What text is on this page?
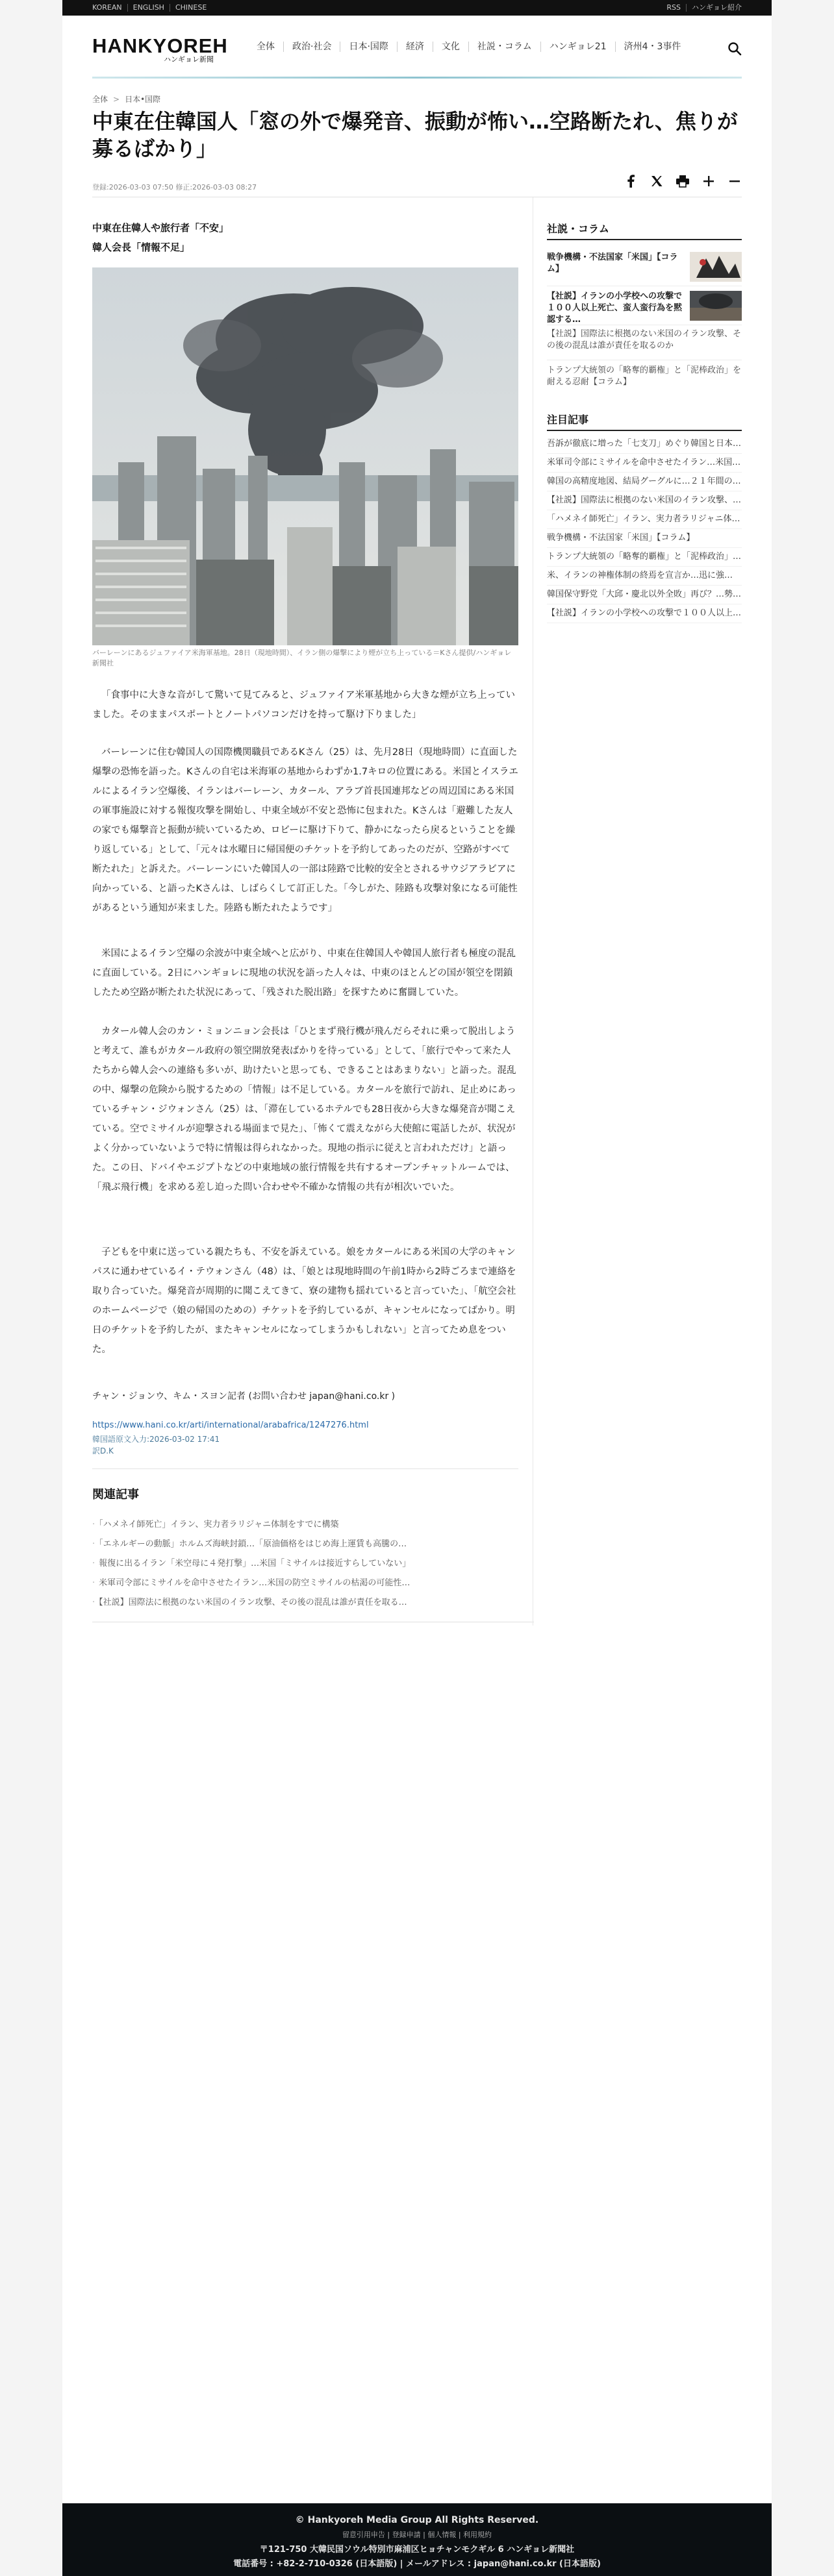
KOREAN	ENGLISH	CHINESE	RSS	ハンギョレ紹介
HANKYOREH
ハンギョレ新聞
全体	政治·社会	日本·国際	経済	文化	社説・コラム	ハンギョレ21	済州4・3事件
全体 > 日本•国際
中東在住韓国人「窓の外で爆発音、振動が怖い…空路断たれ、焦りが募るばかり」
登録:2026-03-03 07:50 修正:2026-03-03 08:27
中東在住韓人や旅行者「不安」
韓人会長「情報不足」
バーレーンにあるジュファイア米海軍基地。28日（現地時間）、イラン側の爆撃により煙が立ち上っている＝Kさん提供/ハンギョレ新聞社

「食事中に大きな音がして驚いて見てみると、ジュファイア米軍基地から大きな煙が立ち上っていました。そのままパスポートとノートパソコンだけを持って駆け下りました」

バーレーンに住む韓国人の国際機関職員であるKさん（25）は、先月28日（現地時間）に直面した爆撃の恐怖を語った。Kさんの自宅は米海軍の基地からわずか1.7キロの位置にある。米国とイスラエルによるイラン空爆後、イランはバーレーン、カタール、アラブ首長国連邦などの周辺国にある米国の軍事施設に対する報復攻撃を開始し、中東全域が不安と恐怖に包まれた。Kさんは「避難した友人の家でも爆撃音と振動が続いているため、ロビーに駆け下りて、静かになったら戻るということを繰り返している」として、「元々は水曜日に帰国便のチケットを予約してあったのだが、空路がすべて断たれた」と訴えた。バーレーンにいた韓国人の一部は陸路で比較的安全とされるサウジアラビアに向かっている、と語ったKさんは、しばらくして訂正した。「今しがた、陸路も攻撃対象になる可能性があるという通知が来ました。陸路も断たれたようです」

米国によるイラン空爆の余波が中東全域へと広がり、中東在住韓国人や韓国人旅行者も極度の混乱に直面している。2日にハンギョレに現地の状況を語った人々は、中東のほとんどの国が領空を閉鎖したため空路が断たれた状況にあって、「残された脱出路」を探すために奮闘していた。

カタール韓人会のカン・ミョンニョン会長は「ひとまず飛行機が飛んだらそれに乗って脱出しようと考えて、誰もがカタール政府の領空開放発表ばかりを待っている」として、「旅行でやって来た人たちから韓人会への連絡も多いが、助けたいと思っても、できることはあまりない」と語った。混乱の中、爆撃の危険から脱するための「情報」は不足している。カタールを旅行で訪れ、足止めにあっているチャン・ジウォンさん（25）は、「滞在しているホテルでも28日夜から大きな爆発音が聞こえている。空でミサイルが迎撃される場面まで見た」、「怖くて震えながら大使館に電話したが、状況がよく分かっていないようで特に情報は得られなかった。現地の指示に従えと言われただけ」と語った。この日、ドバイやエジプトなどの中東地域の旅行情報を共有するオープンチャットルームでは、「飛ぶ飛行機」を求める差し迫った問い合わせや不確かな情報の共有が相次いでいた。

子どもを中東に送っている親たちも、不安を訴えている。娘をカタールにある米国の大学のキャンパスに通わせているイ・テウォンさん（48）は、「娘とは現地時間の午前1時から2時ごろまで連絡を取り合っていた。爆発音が周期的に聞こえてきて、寮の建物も揺れていると言っていた」、「航空会社のホームページで（娘の帰国のための）チケットを予約しているが、キャンセルになってばかり。明日のチケットを予約したが、またキャンセルになってしまうかもしれない」と言ってため息をついた。

チャン・ジョンウ、キム・スヨン記者 (お問い合わせ japan@hani.co.kr )
https://www.hani.co.kr/arti/international/arabafrica/1247276.html
韓国語原文入力:2026-03-02 17:41
訳D.K
関連記事
· 「ハメネイ師死亡」イラン、実力者ラリジャニ体制をすでに構築
· 「エネルギーの動脈」ホルムズ海峡封鎖…「原油価格をはじめ海上運賃も高騰の…
· 報復に出るイラン「米空母に４発打撃」…米国「ミサイルは接近すらしていない」
· 米軍司令部にミサイルを命中させたイラン…米国の防空ミサイルの枯渇の可能性…
· 【社説】国際法に根拠のない米国のイラン攻撃、その後の混乱は誰が責任を取る…
社説・コラム
戦争機構・不法国家「米国」【コラム】
【社説】イランの小学校への攻撃で１００人以上死亡、蛮人蛮行為を黙認する…
【社説】国際法に根拠のない米国のイラン攻撃、その後の混乱は誰が責任を取るのか
トランプ大統領の「略奪的覇権」と「泥棒政治」を耐える忍耐【コラム】
注目記事
吾訴が徹底に増った「七支刀」めぐり韓国と日本…
米軍司令部にミサイルを命中させたイラン…米国…
韓国の高精度地図、結局グーグルに…２１年間の…
【社説】国際法に根拠のない米国のイラン攻撃、…
「ハメネイ師死亡」イラン、実力者ラリジャニ体…
戦争機構・不法国家「米国」【コラム】
トランプ大統領の「略奪的覇権」と「泥棒政治」…
米、イランの神権体制の終焉を宣言か…迅に強…
韓国保守野党「大邱・慶北以外全敗」再び？…勢…
【社説】イランの小学校への攻撃で１００人以上…
© Hankyoreh Media Group All Rights Reserved.
留意引用申告 | 登録申請 | 個人情報 | 利用規約
〒121-750 大韓民国ソウル特別市麻浦区ヒョチャンモクギル 6 ハンギョレ新聞社
電話番号 : +82-2-710-0326 (日本語版) | メールアドレス : japan@hani.co.kr (日本語版)
